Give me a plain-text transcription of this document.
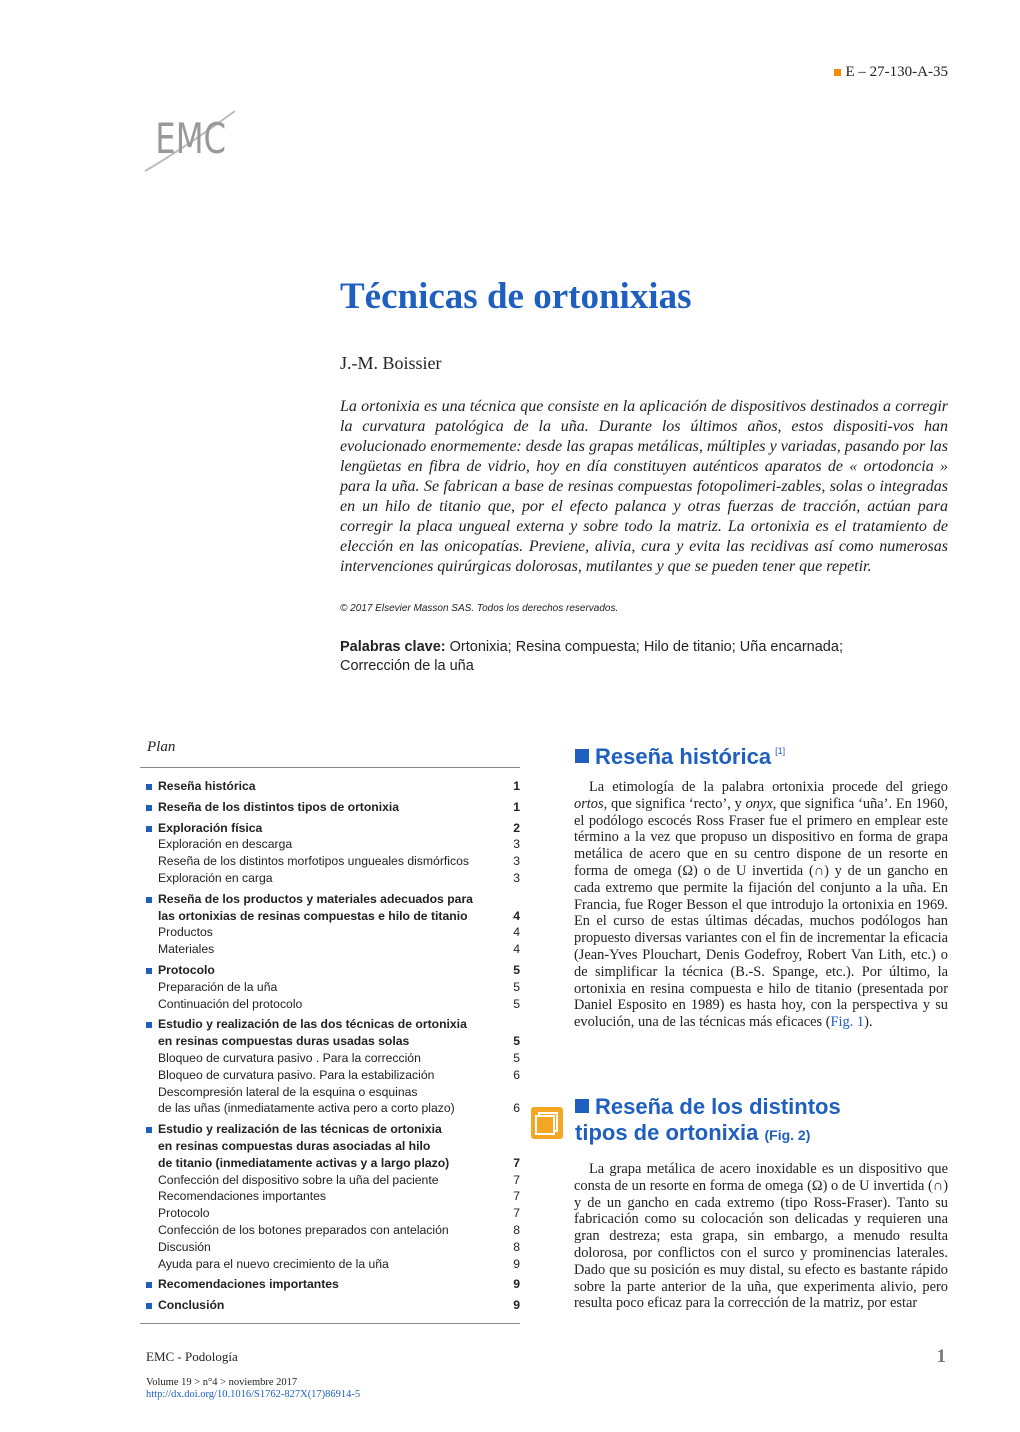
E – 27-130-A-35
EMC
Técnicas de ortonixias
J.-M. Boissier

La ortonixia es una técnica que consiste en la aplicación de dispositivos destinados a corregir la curvatura patológica de la uña. Durante los últimos años, estos dispositi-vos han evolucionado enormemente: desde las grapas metálicas, múltiples y variadas, pasando por las lengüetas en fibra de vidrio, hoy en día constituyen auténticos aparatos de « ortodoncia » para la uña. Se fabrican a base de resinas compuestas fotopolimeri-zables, solas o integradas en un hilo de titanio que, por el efecto palanca y otras fuerzas de tracción, actúan para corregir la placa ungueal externa y sobre todo la matriz. La ortonixia es el tratamiento de elección en las onicopatías. Previene, alivia, cura y evita las recidivas así como numerosas intervenciones quirúrgicas dolorosas, mutilantes y que se pueden tener que repetir.

© 2017 Elsevier Masson SAS. Todos los derechos reservados.
Palabras clave: Ortonixia; Resina compuesta; Hilo de titanio; Uña encarnada;
Corrección de la uña
Plan
Reseña histórica	1
Reseña de los distintos tipos de ortonixia	1
Exploración física	2
Exploración en descarga	3
Reseña de los distintos morfotipos ungueales dismórficos	3
Exploración en carga	3
Reseña de los productos y materiales adecuados para
las ortonixias de resinas compuestas e hilo de titanio	4
Productos	4
Materiales	4
Protocolo	5
Preparación de la uña	5
Continuación del protocolo	5
Estudio y realización de las dos técnicas de ortonixia
en resinas compuestas duras usadas solas	5
Bloqueo de curvatura pasivo . Para la corrección	5
Bloqueo de curvatura pasivo. Para la estabilización	6
Descompresión lateral de la esquina o esquinas
de las uñas (inmediatamente activa pero a corto plazo)	6
Estudio y realización de las técnicas de ortonixia
en resinas compuestas duras asociadas al hilo
de titanio (inmediatamente activas y a largo plazo)	7
Confección del dispositivo sobre la uña del paciente	7
Recomendaciones importantes	7
Protocolo	7
Confección de los botones preparados con antelación	8
Discusión	8
Ayuda para el nuevo crecimiento de la uña	9
Recomendaciones importantes	9
Conclusión	9
Reseña histórica [1]

La etimología de la palabra ortonixia procede del griego ortos, que significa ‘recto’, y onyx, que significa ‘uña’. En 1960, el podólogo escocés Ross Fraser fue el primero en emplear este término a la vez que propuso un dispositivo en forma de grapa metálica de acero que en su centro dispone de un resorte en forma de omega (Ω) o de U invertida (∩) y de un gancho en cada extremo que permite la fijación del conjunto a la uña. En Francia, fue Roger Besson el que introdujo la ortonixia en 1969. En el curso de estas últimas décadas, muchos podólogos han propuesto diversas variantes con el fin de incrementar la eficacia (Jean-Yves Plouchart, Denis Godefroy, Robert Van Lith, etc.) o de simplificar la técnica (B.-S. Spange, etc.). Por último, la ortonixia en resina compuesta e hilo de titanio (presentada por Daniel Esposito en 1989) es hasta hoy, con la perspectiva y su evolución, una de las técnicas más eficaces (Fig. 1).

Reseña de los distintos
tipos de ortonixia (Fig. 2)

La grapa metálica de acero inoxidable es un dispositivo que consta de un resorte en forma de omega (Ω) o de U invertida (∩) y de un gancho en cada extremo (tipo Ross-Fraser). Tanto su fabricación como su colocación son delicadas y requieren una gran destreza; esta grapa, sin embargo, a menudo resulta dolorosa, por conflictos con el surco y prominencias laterales. Dado que su posición es muy distal, su efecto es bastante rápido sobre la parte anterior de la uña, que experimenta alivio, pero resulta poco eficaz para la corrección de la matriz, por estar

EMC - Podología	1
Volume 19 > n°4 > noviembre 2017
http://dx.doi.org/10.1016/S1762-827X(17)86914-5
